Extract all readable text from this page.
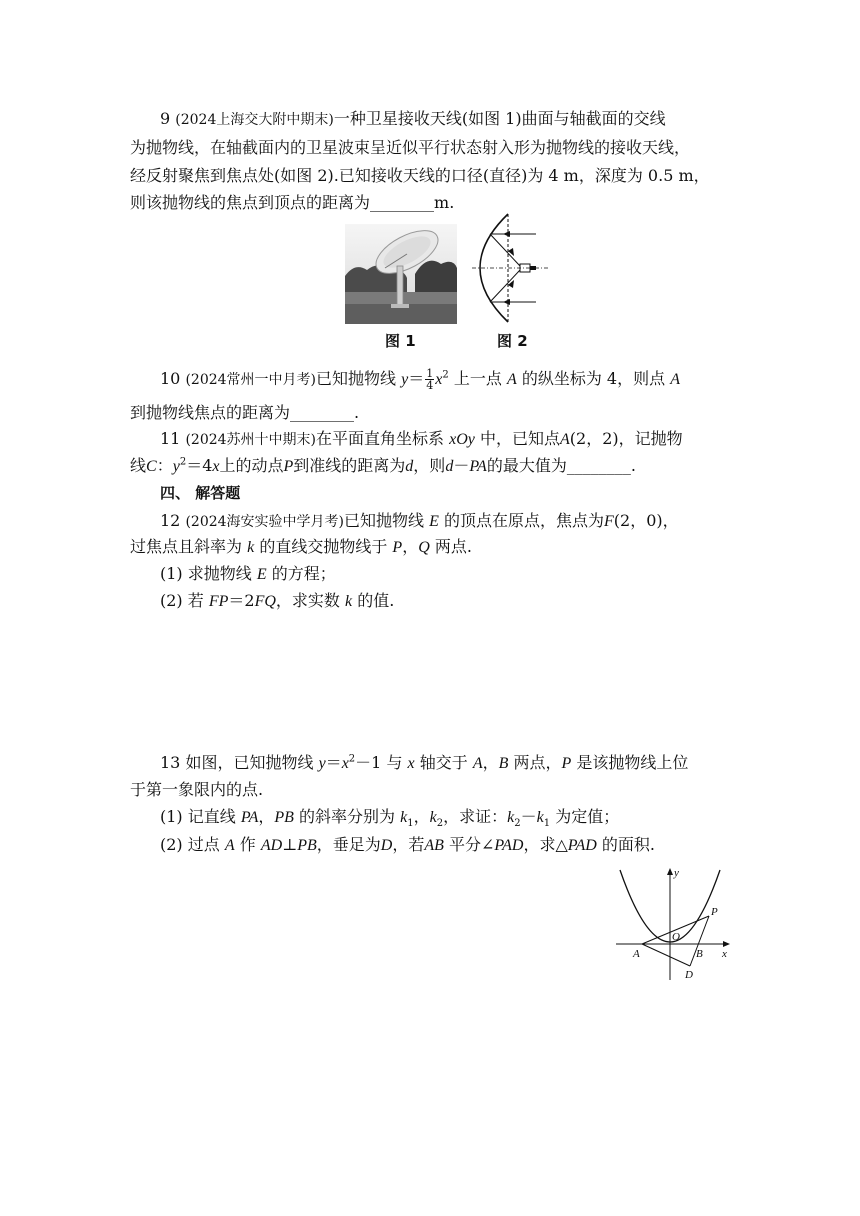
9 (2024上海交大附中期末)一种卫星接收天线(如图 1)曲面与轴截面的交线
为抛物线，在轴截面内的卫星波束呈近似平行状态射入形为抛物线的接收天线，
经反射聚焦到焦点处(如图 2).已知接收天线的口径(直径)为 4 m，深度为 0.5 m，
则该抛物线的焦点到顶点的距离为________m.
图 1	图 2
10 (2024常州一中月考)已知抛物线 $y= \frac{1}{4} x^2$ 上一点 A 的纵坐标为 4，则点 A
到抛物线焦点的距离为________.
11 (2024苏州十中期末)在平面直角坐标系 xOy 中，已知点A(2，2)，记抛物
线C：$y^2=4x$上的动点P到准线的距离为d，则d－PA的最大值为________.
四、 解答题
12 (2024海安实验中学月考)已知抛物线 E 的顶点在原点，焦点为F(2，0)，
过焦点且斜率为 k 的直线交抛物线于 P，Q 两点.
(1) 求抛物线 E 的方程；
(2) 若 FP＝2FQ，求实数 k 的值.
13 如图，已知抛物线 $y=x^2-1$ 与 x 轴交于 A，B 两点，P 是该抛物线上位
于第一象限内的点.
(1) 记直线 PA，PB 的斜率分别为 $k_1$，$k_2$，求证：$k_2-k_1$ 为定值；
(2) 过点 A 作 AD⊥PB，垂足为D，若AB 平分∠PAD，求△PAD 的面积.
y
x
O
A	B
P
D
